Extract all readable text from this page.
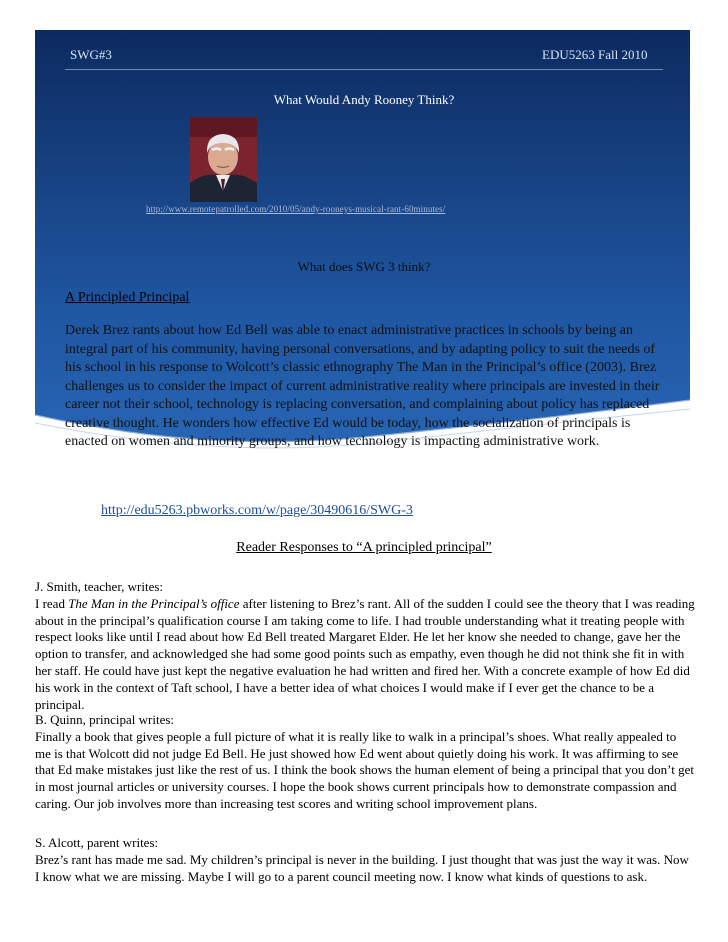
SWG#3	EDU5263 Fall 2010
What Would Andy Rooney Think?
http://www.remotepatrolled.com/2010/05/andy-rooneys-musical-rant-60minutes/
What does SWG 3 think?
A Principled Principal
Derek Brez rants about how Ed Bell was able to enact administrative practices in schools by being an integral part of his community, having personal conversations, and by adapting policy to suit the needs of his school in his response to Wolcott’s classic ethnography The Man in the Principal’s office (2003). Brez challenges us to consider the impact of current administrative reality where principals are invested in their career not their school, technology is replacing conversation, and complaining about policy has replaced creative thought. He wonders how effective Ed would be today, how the socialization of principals is enacted on women and minority groups, and how technology is impacting administrative work.
http://edu5263.pbworks.com/w/page/30490616/SWG-3
Reader Responses to “A principled principal”
J. Smith, teacher, writes:
I read The Man in the Principal’s office after listening to Brez’s rant. All of the sudden I could see the theory that I was reading about in the principal’s qualification course I am taking come to life. I had trouble understanding what it treating people with respect looks like until I read about how Ed Bell treated Margaret Elder. He let her know she needed to change, gave her the option to transfer, and acknowledged she had some good points such as empathy, even though he did not think she fit in with her staff. He could have just kept the negative evaluation he had written and fired her. With a concrete example of how Ed did his work in the context of Taft school, I have a better idea of what choices I would make if I ever get the chance to be a principal.
B. Quinn, principal writes:
Finally a book that gives people a full picture of what it is really like to walk in a principal’s shoes. What really appealed to me is that Wolcott did not judge Ed Bell. He just showed how Ed went about quietly doing his work. It was affirming to see that Ed make mistakes just like the rest of us. I think the book shows the human element of being a principal that you don’t get in most journal articles or university courses. I hope the book shows current principals how to demonstrate compassion and caring. Our job involves more than increasing test scores and writing school improvement plans.
S. Alcott, parent writes:
Brez’s rant has made me sad. My children’s principal is never in the building. I just thought that was just the way it was. Now I know what we are missing. Maybe I will go to a parent council meeting now. I know what kinds of questions to ask.
